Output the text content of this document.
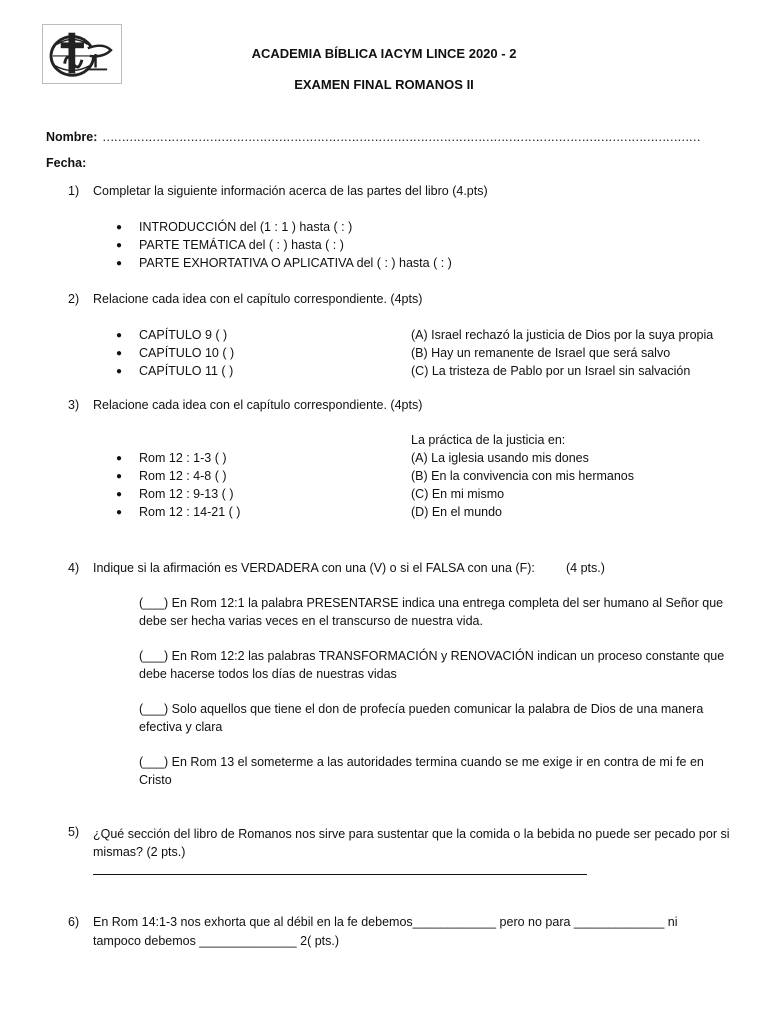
ACADEMIA BÍBLICA IACYM LINCE 2020 - 2
EXAMEN FINAL ROMANOS II
Nombre: …………………………………………………………………………………………………………………………………………
Fecha:
1) Completar la siguiente información acerca de las partes del libro (4.pts)
● INTRODUCCIÓN del (1 : 1 ) hasta ( : )
● PARTE TEMÁTICA del ( : ) hasta ( : )
● PARTE EXHORTATIVA O APLICATIVA del ( : ) hasta ( : )
2) Relacione cada idea con el capítulo correspondiente. (4pts)
● CAPÍTULO 9 ( )	(A) Israel rechazó la justicia de Dios por la suya propia
● CAPÍTULO 10 ( )	(B) Hay un remanente de Israel que será salvo
● CAPÍTULO 11 ( )	(C) La tristeza de Pablo por un Israel sin salvación
3) Relacione cada idea con el capítulo correspondiente. (4pts)
La práctica de la justicia en:
● Rom 12 : 1-3 ( )	(A) La iglesia usando mis dones
● Rom 12 : 4-8 ( )	(B) En la convivencia con mis hermanos
● Rom 12 : 9-13 ( )	(C) En mi mismo
● Rom 12 : 14-21 ( )	(D) En el mundo
4) Indique si la afirmación es VERDADERA con una (V) o si el FALSA con una (F): (4 pts.)
(___) En Rom 12:1 la palabra PRESENTARSE indica una entrega completa del ser humano al Señor que debe ser hecha varias veces en el transcurso de nuestra vida.
(___) En Rom 12:2 las palabras TRANSFORMACIÓN y RENOVACIÓN indican un proceso constante que debe hacerse todos los días de nuestras vidas
(___) Solo aquellos que tiene el don de profecía pueden comunicar la palabra de Dios de una manera efectiva y clara
(___) En Rom 13 el someterme a las autoridades termina cuando se me exige ir en contra de mi fe en Cristo
5) ¿Qué sección del libro de Romanos nos sirve para sustentar que la comida o la bebida no puede ser pecado por si mismas? (2 pts.)
6) En Rom 14:1-3 nos exhorta que al débil en la fe debemos____________ pero no para _____________ ni
tampoco debemos ______________ 2( pts.)
